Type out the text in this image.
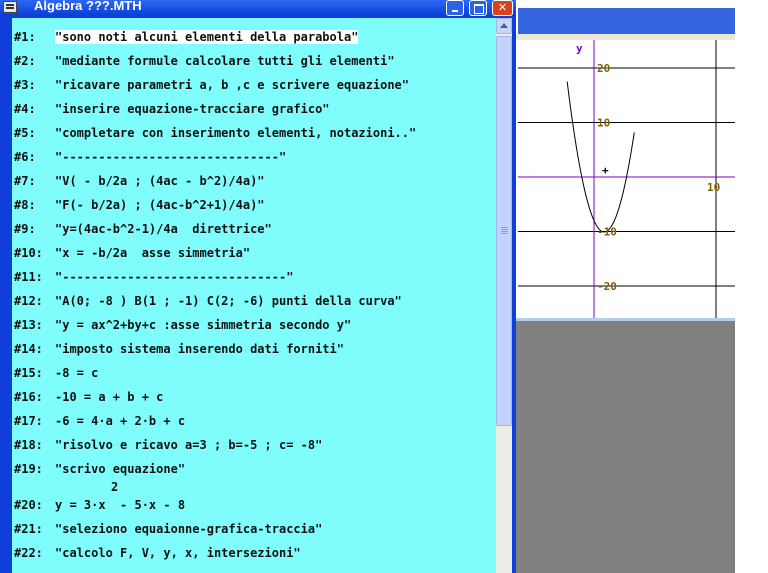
Algebra ???.MTH	✕
#1: "sono noti alcuni elementi della parabola"
#2: "mediante formule calcolare tutti gli elementi"
#3: "ricavare parametri a, b ,c e scrivere equazione"
#4: "inserire equazione-tracciare grafico"
#5: "completare con inserimento elementi, notazioni.."
#6: "------------------------------"
#7: "V( - b/2a ; (4ac - b^2)/4a)"
#8: "F(- b/2a) ; (4ac-b^2+1)/4a)"
#9: "y=(4ac-b^2-1)/4a  direttrice"
#10: "x = -b/2a  asse simmetria"
#11: "-------------------------------"
#12: "A(0; -8 ) B(1 ; -1) C(2; -6) punti della curva"
#13: "y = ax^2+by+c :asse simmetria secondo y"
#14: "imposto sistema inserendo dati forniti"
#15: -8 = c
#16: -10 = a + b + c
#17: -6 = 4·a + 2·b + c
#18: "risolvo e ricavo a=3 ; b=-5 ; c= -8"
#19: "scrivo equazione"
#20: y = 3·x  - 5·x - 8
2
#21: "seleziono equaionne-grafica-traccia"
#22: "calcolo F, V, y, x, intersezioni"
y
20
10
-10
-20
10
+
